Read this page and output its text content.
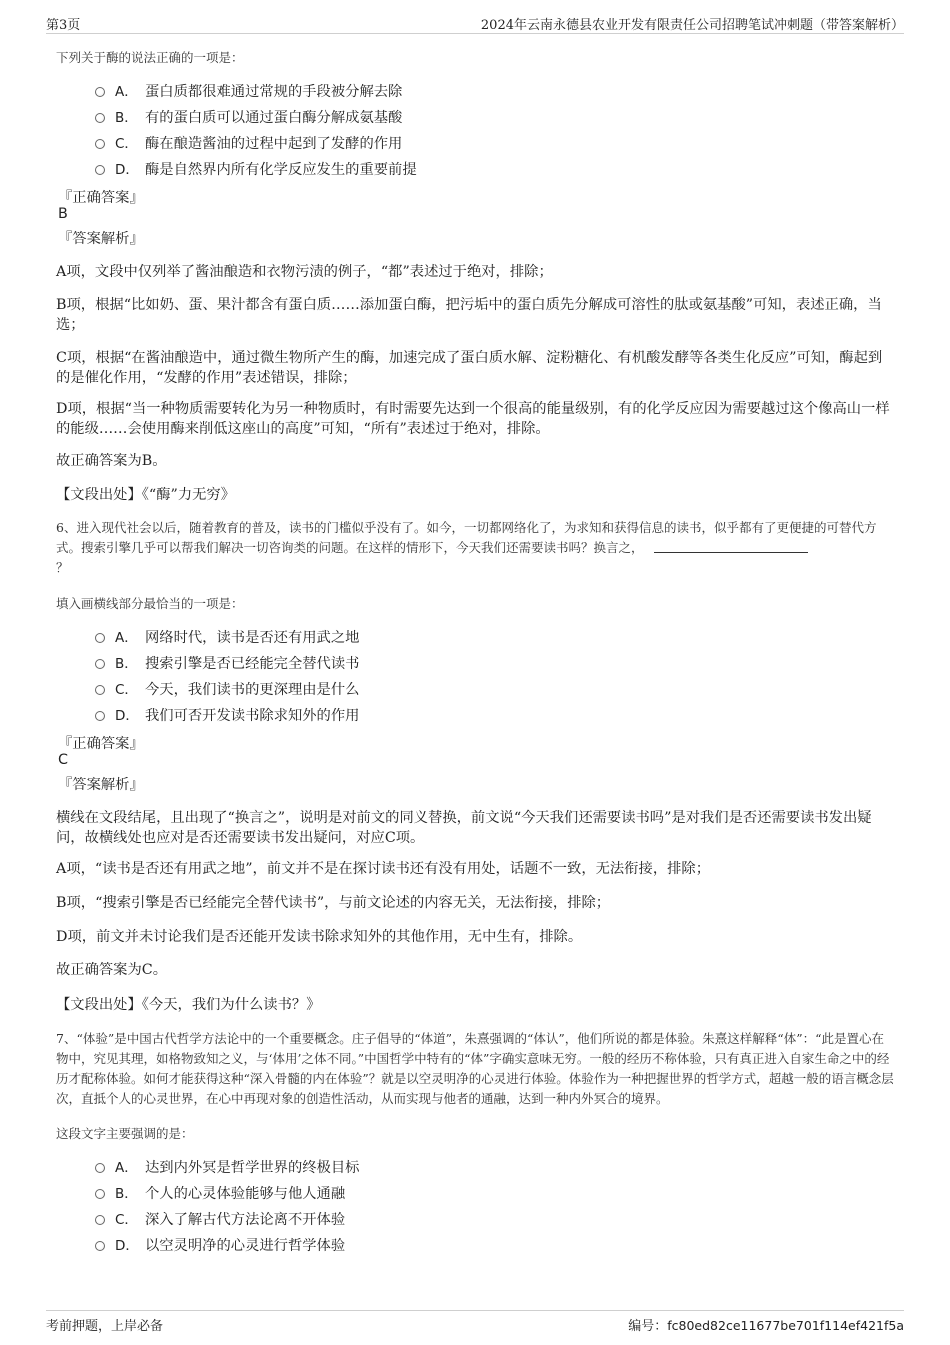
第3页	2024年云南永德县农业开发有限责任公司招聘笔试冲刺题（带答案解析）
下列关于酶的说法正确的一项是：
A． 蛋白质都很难通过常规的手段被分解去除
B． 有的蛋白质可以通过蛋白酶分解成氨基酸
C． 酶在酿造酱油的过程中起到了发酵的作用
D． 酶是自然界内所有化学反应发生的重要前提
『正确答案』
B
『答案解析』
A项，文段中仅列举了酱油酿造和衣物污渍的例子，“都”表述过于绝对，排除；
B项，根据“比如奶、蛋、果汁都含有蛋白质……添加蛋白酶，把污垢中的蛋白质先分解成可溶性的肽或氨基酸”可知，表述正确，当选；
C项，根据“在酱油酿造中，通过微生物所产生的酶，加速完成了蛋白质水解、淀粉糖化、有机酸发酵等各类生化反应”可知，酶起到的是催化作用，“发酵的作用”表述错误，排除；
D项，根据“当一种物质需要转化为另一种物质时，有时需要先达到一个很高的能量级别，有的化学反应因为需要越过这个像高山一样的能级……会使用酶来削低这座山的高度”可知，“所有”表述过于绝对，排除。
故正确答案为B。
【文段出处】《“酶”力无穷》
6、进入现代社会以后，随着教育的普及，读书的门槛似乎没有了。如今，一切都网络化了，为求知和获得信息的读书，似乎都有了更便捷的可替代方式。搜索引擎几乎可以帮我们解决一切咨询类的问题。在这样的情形下，今天我们还需要读书吗？换言之，
？
填入画横线部分最恰当的一项是：
A． 网络时代，读书是否还有用武之地
B． 搜索引擎是否已经能完全替代读书
C． 今天，我们读书的更深理由是什么
D． 我们可否开发读书除求知外的作用
『正确答案』
C
『答案解析』
横线在文段结尾，且出现了“换言之”，说明是对前文的同义替换，前文说“今天我们还需要读书吗”是对我们是否还需要读书发出疑问，故横线处也应对是否还需要读书发出疑问，对应C项。
A项，“读书是否还有用武之地”，前文并不是在探讨读书还有没有用处，话题不一致，无法衔接，排除；
B项，“搜索引擎是否已经能完全替代读书”，与前文论述的内容无关，无法衔接，排除；
D项，前文并未讨论我们是否还能开发读书除求知外的其他作用，无中生有，排除。
故正确答案为C。
【文段出处】《今天，我们为什么读书？》
7、“体验”是中国古代哲学方法论中的一个重要概念。庄子倡导的“体道”，朱熹强调的“体认”，他们所说的都是体验。朱熹这样解释“体”：“此是置心在物中，究见其理，如格物致知之义，与‘体用’之体不同。”中国哲学中特有的“体”字确实意味无穷。一般的经历不称体验，只有真正进入自家生命之中的经历才配称体验。如何才能获得这种“深入骨髓的内在体验”？就是以空灵明净的心灵进行体验。体验作为一种把握世界的哲学方式，超越一般的语言概念层次，直抵个人的心灵世界，在心中再现对象的创造性活动，从而实现与他者的通融，达到一种内外冥合的境界。
这段文字主要强调的是：
A． 达到内外冥是哲学世界的终极目标
B． 个人的心灵体验能够与他人通融
C． 深入了解古代方法论离不开体验
D． 以空灵明净的心灵进行哲学体验
考前押题，上岸必备	编号：fc80ed82ce11677be701f114ef421f5a
